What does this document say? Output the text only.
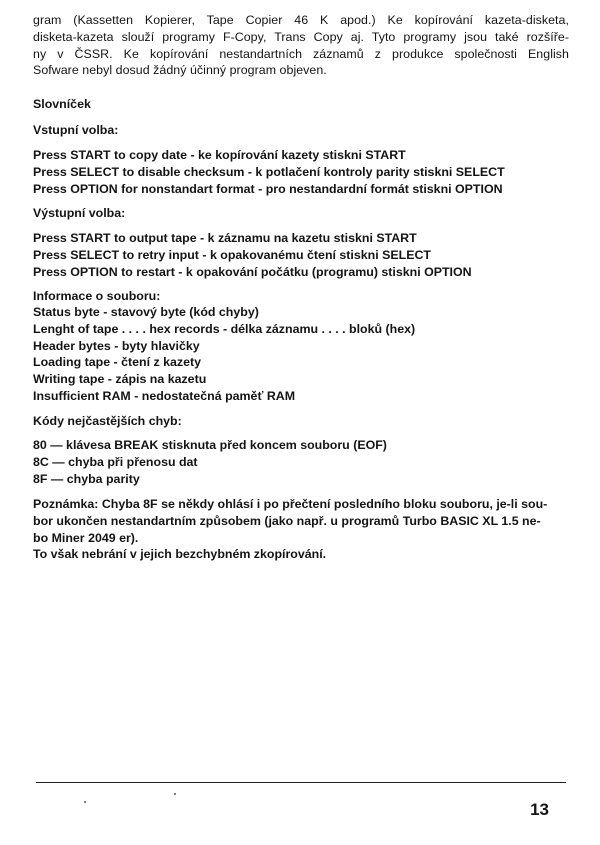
gram (Kassetten Kopierer, Tape Copier 46 K apod.) Ke kopírování kazeta-disketa,
disketa-kazeta slouží programy F-Copy, Trans Copy aj. Tyto programy jsou také rozšíře-
ny v ČSSR. Ke kopírování nestandartních záznamů z produkce společnosti English
Sofware nebyl dosud žádný účinný program objeven.
Slovníček
Vstupní volba:
Press START to copy date - ke kopírování kazety stiskni START
Press SELECT to disable checksum - k potlačení kontroly parity stiskni SELECT
Press OPTION for nonstandart format - pro nestandardní formát stiskni OPTION
Výstupní volba:
Press START to output tape - k záznamu na kazetu stiskni START
Press SELECT to retry input - k opakovanému čtení stiskni SELECT
Press OPTION to restart - k opakování počátku (programu) stiskni OPTION
Informace o souboru:
Status byte - stavový byte (kód chyby)
Lenght of tape . . . . hex records - délka záznamu . . . . bloků (hex)
Header bytes - byty hlavičky
Loading tape - čtení z kazety
Writing tape - zápis na kazetu
Insufficient RAM - nedostatečná paměť RAM
Kódy nejčastějších chyb:
80 — klávesa BREAK stisknuta před koncem souboru (EOF)
8C — chyba při přenosu dat
8F — chyba parity
Poznámka: Chyba 8F se někdy ohlásí i po přečtení posledního bloku souboru, je-li sou-
bor ukončen nestandartním způsobem (jako např. u programů Turbo BASIC XL 1.5 ne-
bo Miner 2049 er).
To však nebrání v jejich bezchybném zkopírování.
13
